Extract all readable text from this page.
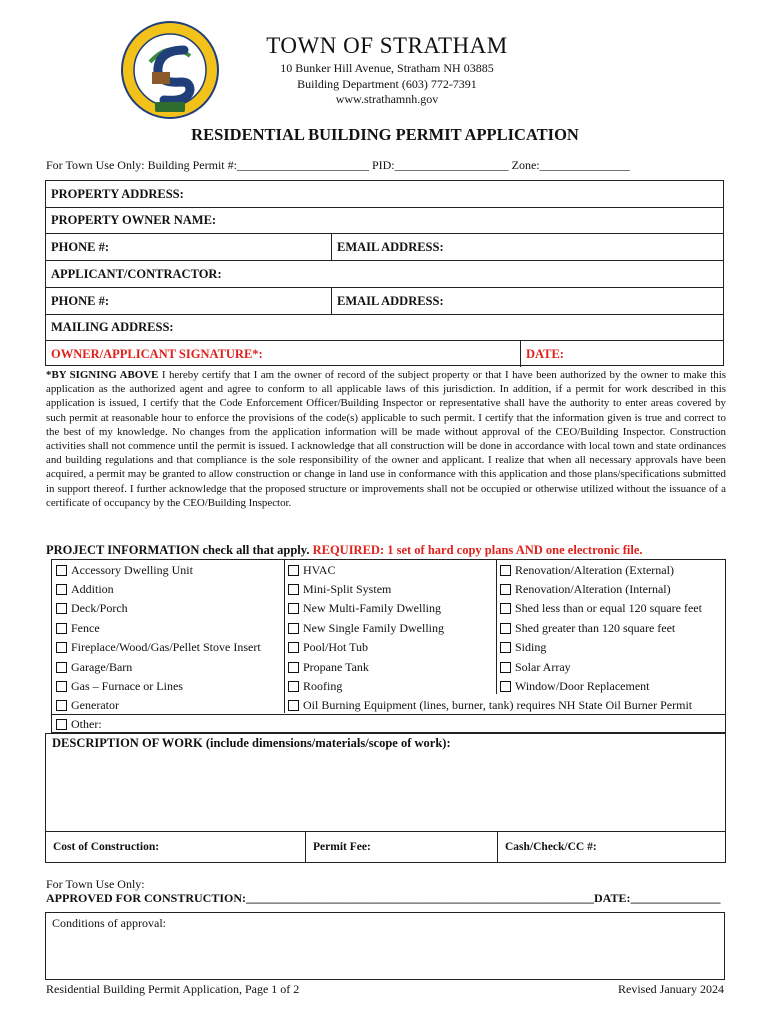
TOWN OF STRATHAM
10 Bunker Hill Avenue, Stratham NH 03885
Building Department (603) 772-7391
www.strathamnh.gov
RESIDENTIAL BUILDING PERMIT APPLICATION
For Town Use Only: Building Permit #:______________________ PID:___________________ Zone:_______________
PROPERTY ADDRESS:
PROPERTY OWNER NAME:
PHONE #:	EMAIL ADDRESS:
APPLICANT/CONTRACTOR:
PHONE #:	EMAIL ADDRESS:
MAILING ADDRESS:
OWNER/APPLICANT SIGNATURE*:	DATE:
*BY SIGNING ABOVE I hereby certify that I am the owner of record of the subject property or that I have been authorized by the owner to make this application as the authorized agent and agree to conform to all applicable laws of this jurisdiction. In addition, if a permit for work described in this application is issued, I certify that the Code Enforcement Officer/Building Inspector or representative shall have the authority to enter areas covered by such permit at reasonable hour to enforce the provisions of the code(s) applicable to such permit. I certify that the information given is true and correct to the best of my knowledge. No changes from the application information will be made without approval of the CEO/Building Inspector. Construction activities shall not commence until the permit is issued. I acknowledge that all construction will be done in accordance with local town and state ordinances and building regulations and that compliance is the sole responsibility of the owner and applicant. I realize that when all necessary approvals have been acquired, a permit may be granted to allow construction or change in land use in conformance with this application and those plans/specifications submitted in support thereof. I further acknowledge that the proposed structure or improvements shall not be occupied or otherwise utilized without the issuance of a certificate of occupancy by the CEO/Building Inspector.
PROJECT INFORMATION check all that apply. REQUIRED: 1 set of hard copy plans AND one electronic file.
Accessory Dwelling Unit
Addition
Deck/Porch
Fence
Fireplace/Wood/Gas/Pellet Stove Insert
Garage/Barn
Gas – Furnace or Lines
Generator
HVAC
Mini-Split System
New Multi-Family Dwelling
New Single Family Dwelling
Pool/Hot Tub
Propane Tank
Roofing
Oil Burning Equipment (lines, burner, tank) requires NH State Oil Burner Permit
Renovation/Alteration (External)
Renovation/Alteration (Internal)
Shed less than or equal 120 square feet
Shed greater than 120 square feet
Siding
Solar Array
Window/Door Replacement
Other:
DESCRIPTION OF WORK (include dimensions/materials/scope of work):
Cost of Construction:	Permit Fee:	Cash/Check/CC #:
For Town Use Only:
APPROVED FOR CONSTRUCTION:__________________________________________________________DATE:_______________
Conditions of approval:
Residential Building Permit Application, Page 1 of 2	Revised January 2024
